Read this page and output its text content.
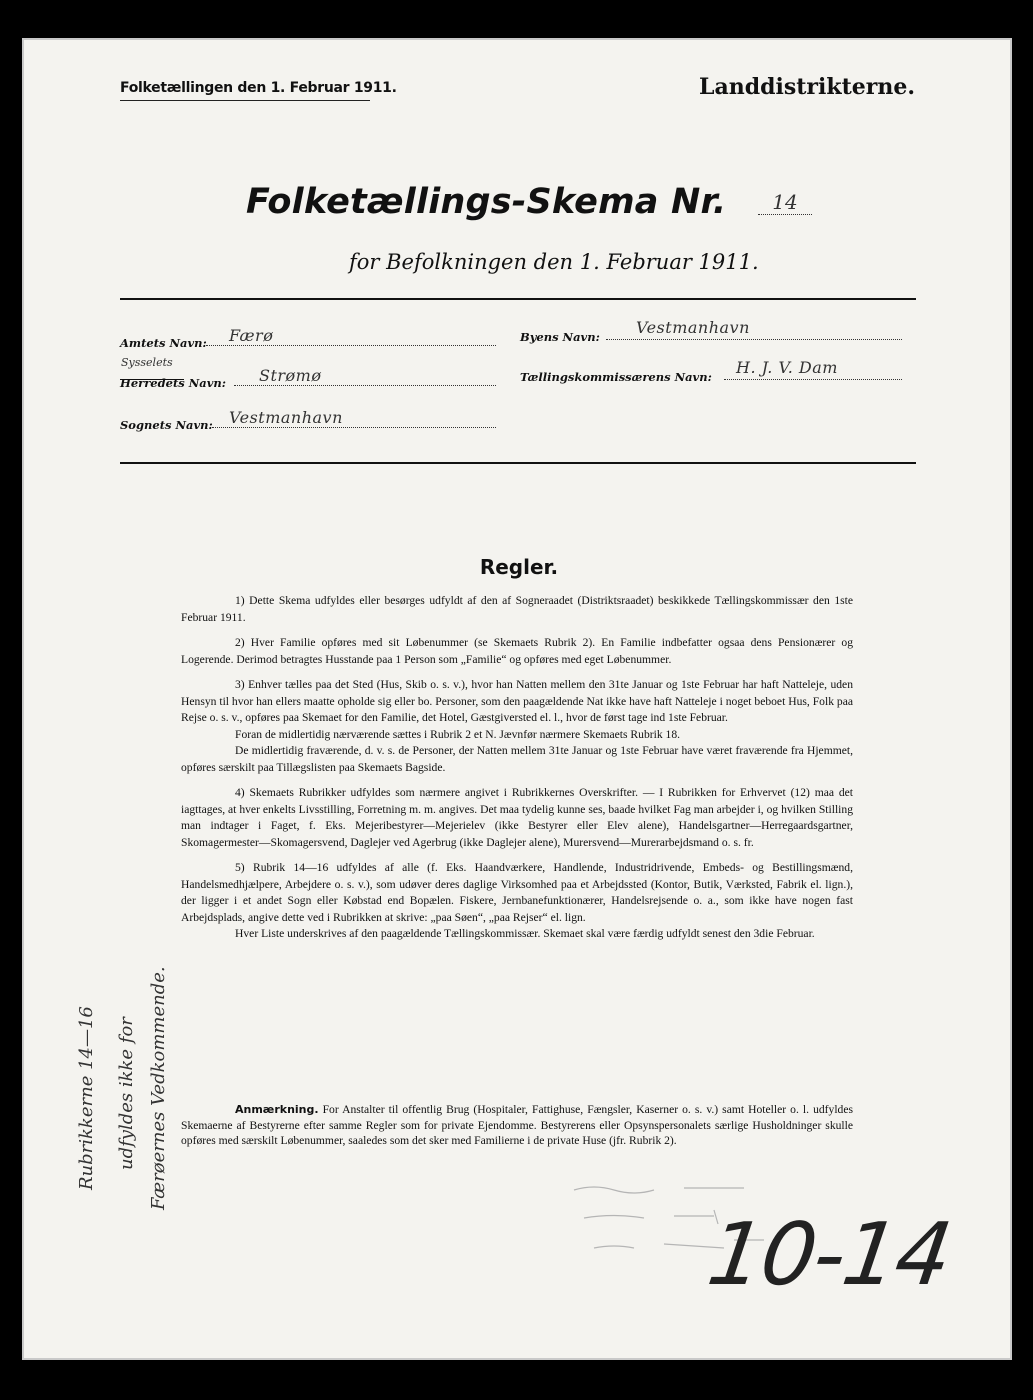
Folketællingen den 1. Februar 1911.	Landdistrikterne.
Folketællings-Skema Nr.	14
for Befolkningen den 1. Februar 1911.
Amtets Navn: Færø	Byens Navn: Vestmanhavn
Sysselets
Herredets Navn: Strømø	Tællingskommissærens Navn: H. J. V. Dam
Sognets Navn: Vestmanhavn
Regler.

1) Dette Skema udfyldes eller besørges udfyldt af den af Sogneraadet (Distriktsraadet) beskikkede Tællingskommissær den 1ste Februar 1911.

2) Hver Familie opføres med sit Løbenummer (se Skemaets Rubrik 2). En Familie indbefatter ogsaa dens Pensionærer og Logerende. Derimod betragtes Husstande paa 1 Person som „Familie“ og opføres med eget Løbenummer.

3) Enhver tælles paa det Sted (Hus, Skib o. s. v.), hvor han Natten mellem den 31te Januar og 1ste Februar har haft Natteleje, uden Hensyn til hvor han ellers maatte opholde sig eller bo. Personer, som den paagældende Nat ikke have haft Natteleje i noget beboet Hus, Folk paa Rejse o. s. v., opføres paa Skemaet for den Familie, det Hotel, Gæstgiversted el. l., hvor de først tage ind 1ste Februar.

Foran de midlertidig nærværende sættes i Rubrik 2 et N. Jævnfør nærmere Skemaets Rubrik 18.

De midlertidig fraværende, d. v. s. de Personer, der Natten mellem 31te Januar og 1ste Februar have været fraværende fra Hjemmet, opføres særskilt paa Tillægslisten paa Skemaets Bagside.

4) Skemaets Rubrikker udfyldes som nærmere angivet i Rubrikkernes Overskrifter. — I Rubrikken for Erhvervet (12) maa det iagttages, at hver enkelts Livsstilling, Forretning m. m. angives. Det maa tydelig kunne ses, baade hvilket Fag man arbejder i, og hvilken Stilling man indtager i Faget, f. Eks. Mejeribestyrer—Mejerielev (ikke Bestyrer eller Elev alene), Handelsgartner—Herregaardsgartner, Skomagermester—Skomagersvend, Daglejer ved Agerbrug (ikke Daglejer alene), Murersvend—Murerarbejdsmand o. s. fr.

5) Rubrik 14—16 udfyldes af alle (f. Eks. Haandværkere, Handlende, Industridrivende, Embeds- og Bestillingsmænd, Handelsmedhjælpere, Arbejdere o. s. v.), som udøver deres daglige Virksomhed paa et Arbejdssted (Kontor, Butik, Værksted, Fabrik el. lign.), der ligger i et andet Sogn eller Købstad end Bopælen. Fiskere, Jernbanefunktionærer, Handelsrejsende o. a., som ikke have nogen fast Arbejdsplads, angive dette ved i Rubrikken at skrive: „paa Søen“, „paa Rejser“ el. lign.

Hver Liste underskrives af den paagældende Tællingskommissær. Skemaet skal være færdig udfyldt senest den 3die Februar.

Anmærkning. For Anstalter til offentlig Brug (Hospitaler, Fattighuse, Fængsler, Kaserner o. s. v.) samt Hoteller o. l. udfyldes Skemaerne af Bestyrerne efter samme Regler som for private Ejendomme. Bestyrerens eller Opsynspersonalets særlige Husholdninger skulle opføres med særskilt Løbenummer, saaledes som det sker med Familierne i de private Huse (jfr. Rubrik 2).
Rubrikkerne 14—16 udfyldes ikke for Færøernes Vedkommende.
10-14
